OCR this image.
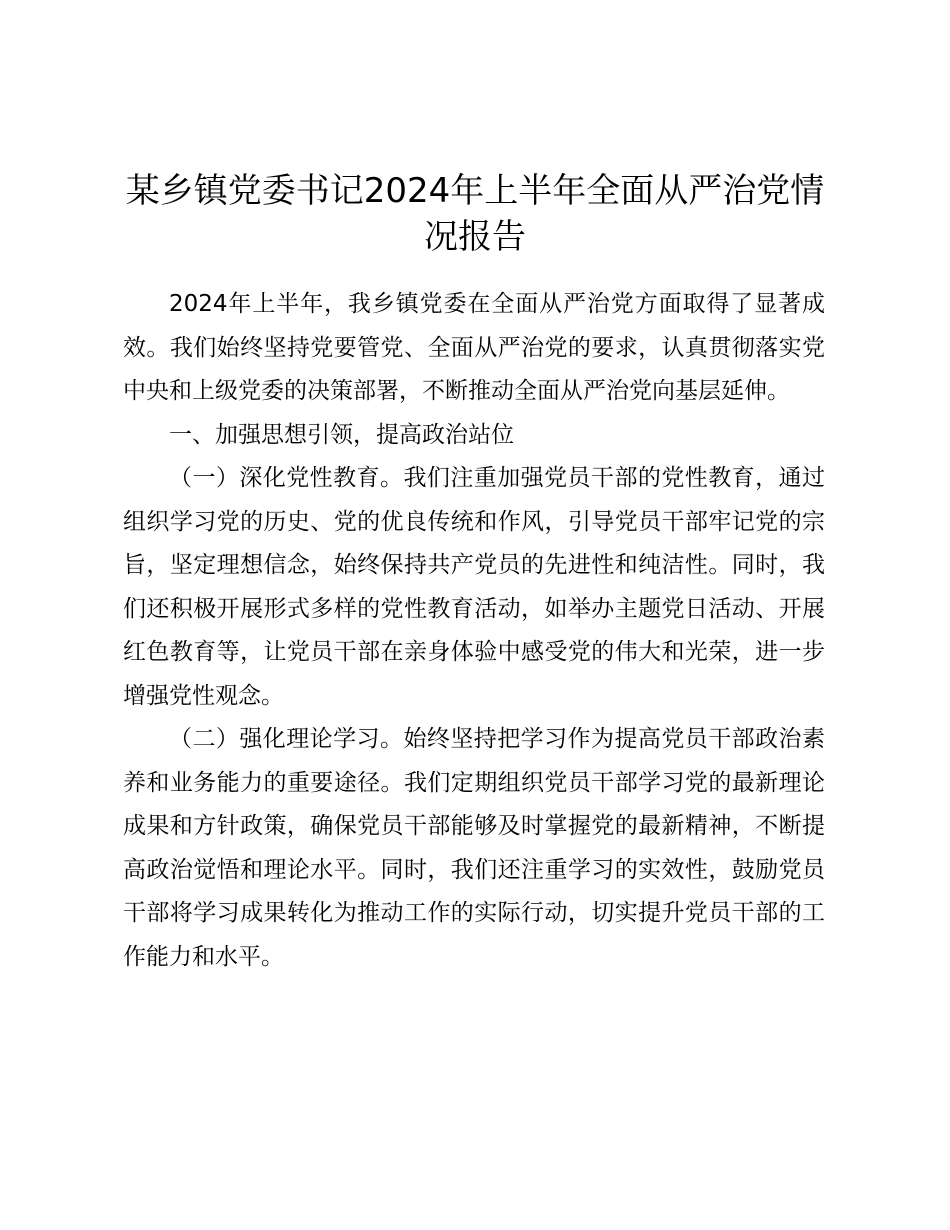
某乡镇党委书记2024年上半年全面从严治党情况报告

2024年上半年，我乡镇党委在全面从严治党方面取得了显著成效。我们始终坚持党要管党、全面从严治党的要求，认真贯彻落实党中央和上级党委的决策部署，不断推动全面从严治党向基层延伸。

一、加强思想引领，提高政治站位

（一）深化党性教育。我们注重加强党员干部的党性教育，通过组织学习党的历史、党的优良传统和作风，引导党员干部牢记党的宗旨，坚定理想信念，始终保持共产党员的先进性和纯洁性。同时，我们还积极开展形式多样的党性教育活动，如举办主题党日活动、开展红色教育等，让党员干部在亲身体验中感受党的伟大和光荣，进一步增强党性观念。

（二）强化理论学习。始终坚持把学习作为提高党员干部政治素养和业务能力的重要途径。我们定期组织党员干部学习党的最新理论成果和方针政策，确保党员干部能够及时掌握党的最新精神，不断提高政治觉悟和理论水平。同时，我们还注重学习的实效性，鼓励党员干部将学习成果转化为推动工作的实际行动，切实提升党员干部的工作能力和水平。
